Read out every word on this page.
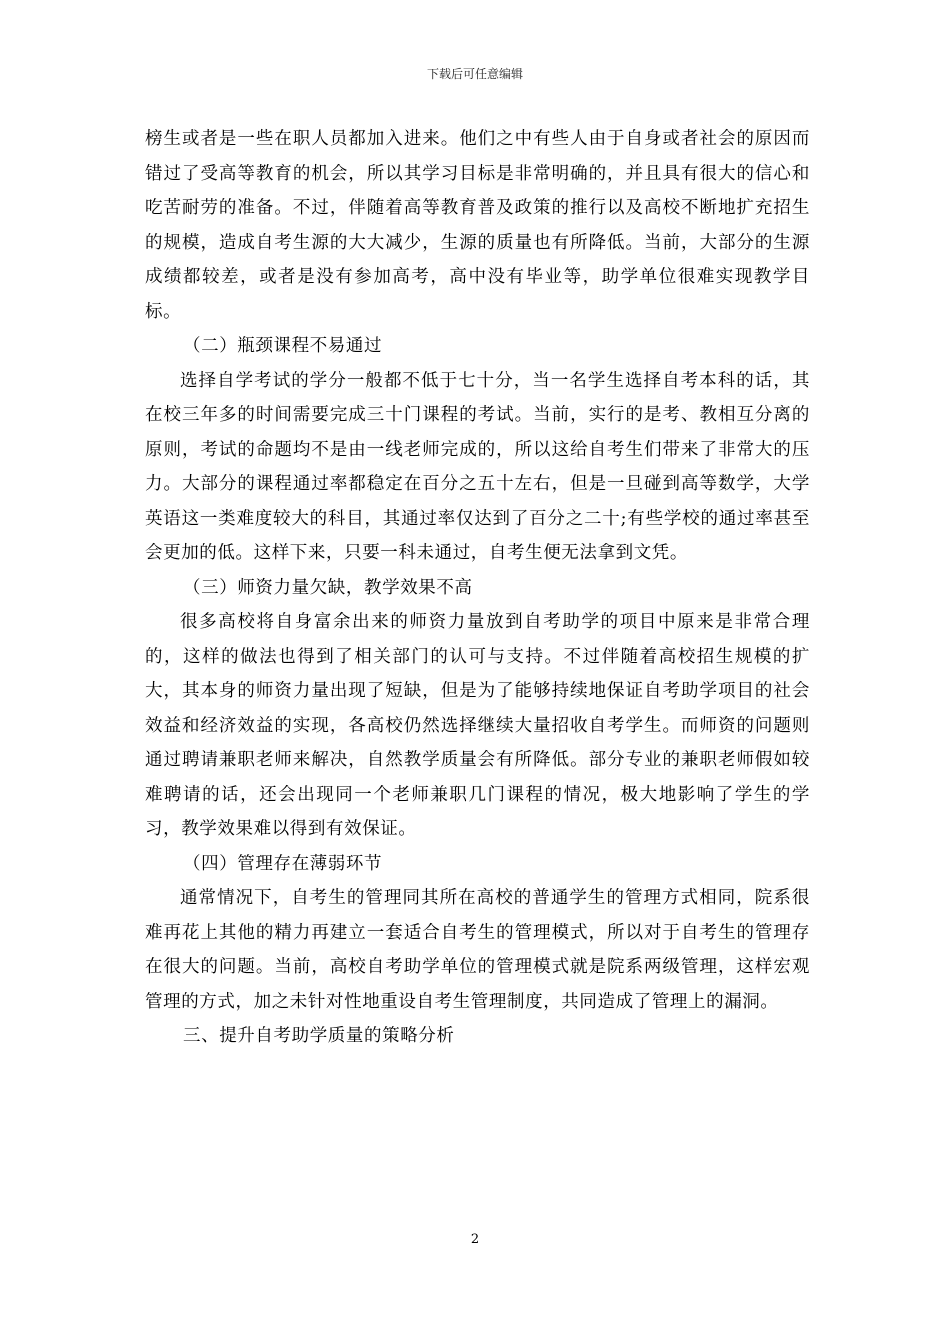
下载后可任意编辑

榜生或者是一些在职人员都加入进来。他们之中有些人由于自身或者社会的原因而错过了受高等教育的机会，所以其学习目标是非常明确的，并且具有很大的信心和吃苦耐劳的准备。不过，伴随着高等教育普及政策的推行以及高校不断地扩充招生的规模，造成自考生源的大大减少，生源的质量也有所降低。当前，大部分的生源成绩都较差，或者是没有参加高考，高中没有毕业等，助学单位很难实现教学目标。

（二）瓶颈课程不易通过

选择自学考试的学分一般都不低于七十分，当一名学生选择自考本科的话，其在校三年多的时间需要完成三十门课程的考试。当前，实行的是考、教相互分离的原则，考试的命题均不是由一线老师完成的，所以这给自考生们带来了非常大的压力。大部分的课程通过率都稳定在百分之五十左右，但是一旦碰到高等数学，大学英语这一类难度较大的科目，其通过率仅达到了百分之二十;有些学校的通过率甚至会更加的低。这样下来，只要一科未通过，自考生便无法拿到文凭。

（三）师资力量欠缺，教学效果不高

很多高校将自身富余出来的师资力量放到自考助学的项目中原来是非常合理的，这样的做法也得到了相关部门的认可与支持。不过伴随着高校招生规模的扩大，其本身的师资力量出现了短缺，但是为了能够持续地保证自考助学项目的社会效益和经济效益的实现，各高校仍然选择继续大量招收自考学生。而师资的问题则通过聘请兼职老师来解决，自然教学质量会有所降低。部分专业的兼职老师假如较难聘请的话，还会出现同一个老师兼职几门课程的情况，极大地影响了学生的学习，教学效果难以得到有效保证。

（四）管理存在薄弱环节

通常情况下，自考生的管理同其所在高校的普通学生的管理方式相同，院系很难再花上其他的精力再建立一套适合自考生的管理模式，所以对于自考生的管理存在很大的问题。当前，高校自考助学单位的管理模式就是院系两级管理，这样宏观管理的方式，加之未针对性地重设自考生管理制度，共同造成了管理上的漏洞。

三、提升自考助学质量的策略分析

2
